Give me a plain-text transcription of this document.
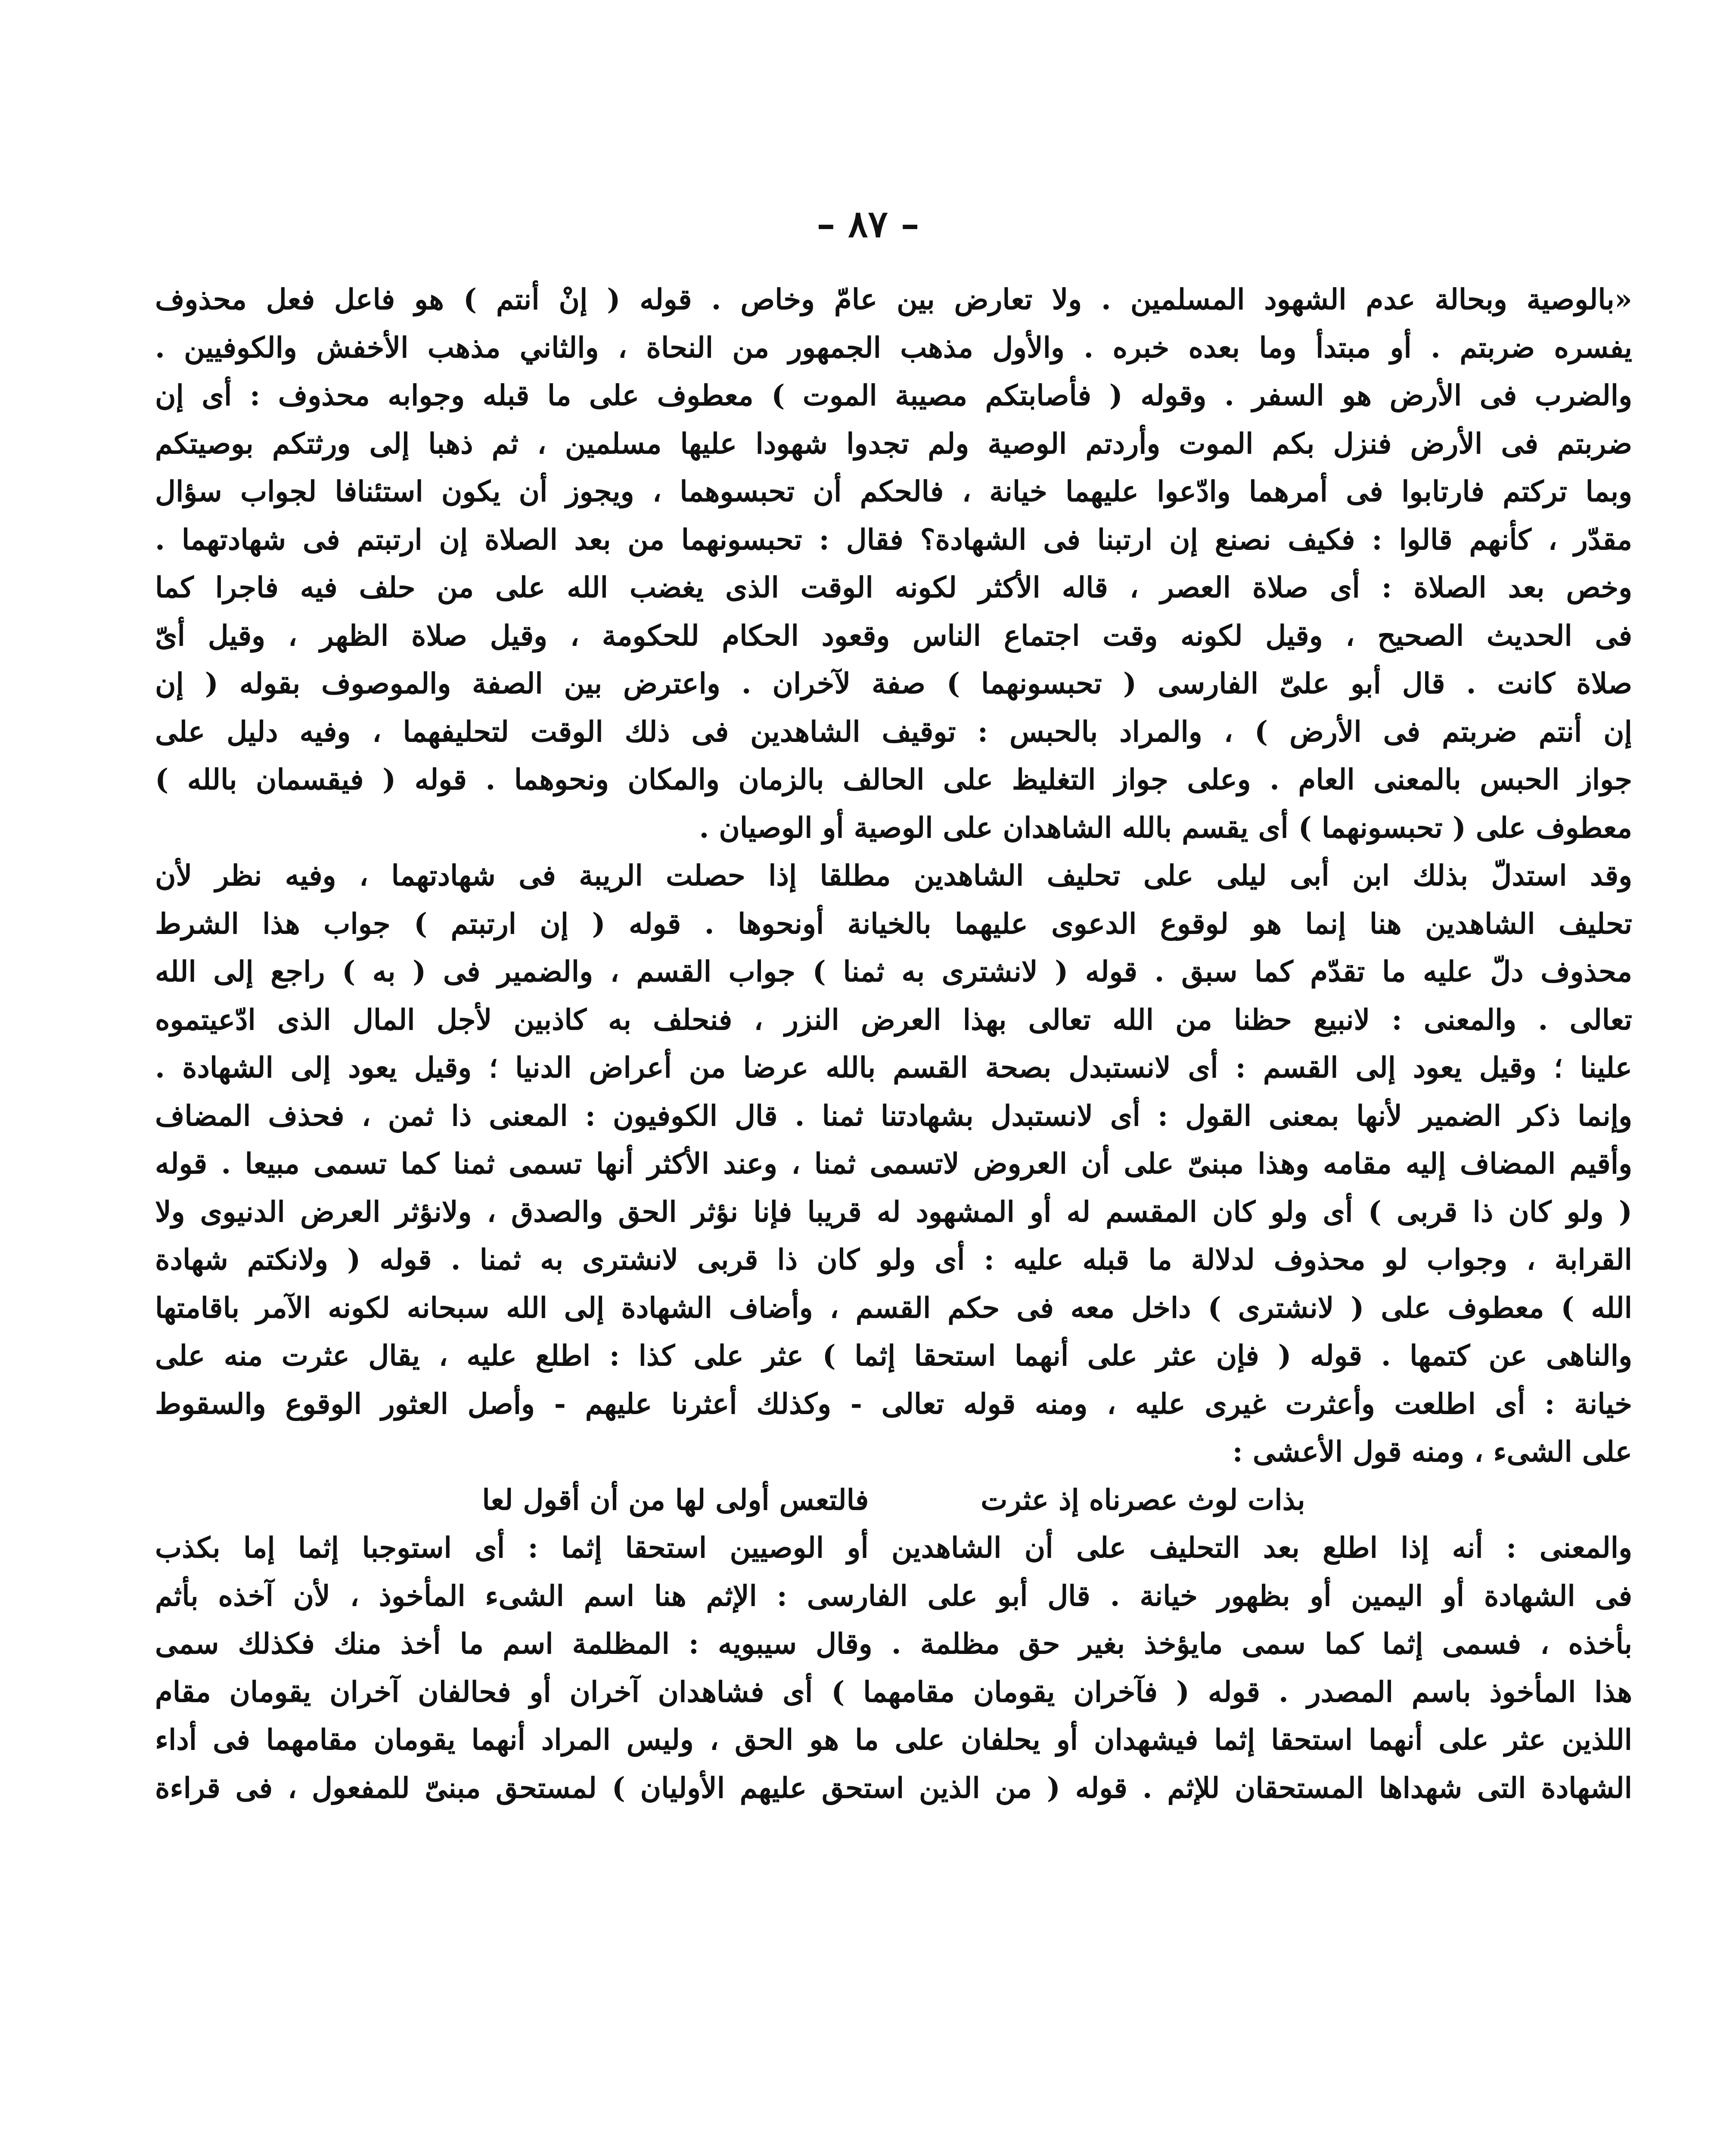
– ٨٧ –
«بالوصية وبحالة عدم الشهود المسلمين . ولا تعارض بين عامّ وخاص . قوله ( إنْ أنتم ) هو فاعل فعل محذوف
يفسره ضربتم . أو مبتدأ وما بعده خبره . والأول مذهب الجمهور من النحاة ، والثاني مذهب الأخفش والكوفيين .
والضرب فى الأرض هو السفر . وقوله ( فأصابتكم مصيبة الموت ) معطوف على ما قبله وجوابه محذوف : أى إن
ضربتم فى الأرض فنزل بكم الموت وأردتم الوصية ولم تجدوا شهودا عليها مسلمين ، ثم ذهبا إلى ورثتكم بوصيتكم
وبما تركتم فارتابوا فى أمرهما وادّعوا عليهما خيانة ، فالحكم أن تحبسوهما ، ويجوز أن يكون استئنافا لجواب سؤال
مقدّر ، كأنهم قالوا : فكيف نصنع إن ارتبنا فى الشهادة؟ فقال : تحبسونهما من بعد الصلاة إن ارتبتم فى شهادتهما .
وخص بعد الصلاة : أى صلاة العصر ، قاله الأكثر لكونه الوقت الذى يغضب الله على من حلف فيه فاجرا كما
فى الحديث الصحيح ، وقيل لكونه وقت اجتماع الناس وقعود الحكام للحكومة ، وقيل صلاة الظهر ، وقيل أىّ
صلاة كانت . قال أبو علىّ الفارسى ( تحبسونهما ) صفة لآخران . واعترض بين الصفة والموصوف بقوله ( إن
إن أنتم ضربتم فى الأرض ) ، والمراد بالحبس : توقيف الشاهدين فى ذلك الوقت لتحليفهما ، وفيه دليل على
جواز الحبس بالمعنى العام . وعلى جواز التغليظ على الحالف بالزمان والمكان ونحوهما . قوله ( فيقسمان بالله )
معطوف على ( تحبسونهما ) أى يقسم بالله الشاهدان على الوصية أو الوصيان .
وقد استدلّ بذلك ابن أبى ليلى على تحليف الشاهدين مطلقا إذا حصلت الريبة فى شهادتهما ، وفيه نظر لأن
تحليف الشاهدين هنا إنما هو لوقوع الدعوى عليهما بالخيانة أونحوها . قوله ( إن ارتبتم ) جواب هذا الشرط
محذوف دلّ عليه ما تقدّم كما سبق . قوله ( لانشترى به ثمنا ) جواب القسم ، والضمير فى ( به ) راجع إلى الله
تعالى . والمعنى : لانبيع حظنا من الله تعالى بهذا العرض النزر ، فنحلف به كاذبين لأجل المال الذى ادّعيتموه
علينا ؛ وقيل يعود إلى القسم : أى لانستبدل بصحة القسم بالله عرضا من أعراض الدنيا ؛ وقيل يعود إلى الشهادة .
وإنما ذكر الضمير لأنها بمعنى القول : أى لانستبدل بشهادتنا ثمنا . قال الكوفيون : المعنى ذا ثمن ، فحذف المضاف
وأقيم المضاف إليه مقامه وهذا مبنىّ على أن العروض لاتسمى ثمنا ، وعند الأكثر أنها تسمى ثمنا كما تسمى مبيعا . قوله
( ولو كان ذا قربى ) أى ولو كان المقسم له أو المشهود له قريبا فإنا نؤثر الحق والصدق ، ولانؤثر العرض الدنيوى ولا
القرابة ، وجواب لو محذوف لدلالة ما قبله عليه : أى ولو كان ذا قربى لانشترى به ثمنا . قوله ( ولانكتم شهادة
الله ) معطوف على ( لانشترى ) داخل معه فى حكم القسم ، وأضاف الشهادة إلى الله سبحانه لكونه الآمر باقامتها
والناهى عن كتمها . قوله ( فإن عثر على أنهما استحقا إثما ) عثر على كذا : اطلع عليه ، يقال عثرت منه على
خيانة : أى اطلعت وأعثرت غيرى عليه ، ومنه قوله تعالى - وكذلك أعثرنا عليهم - وأصل العثور الوقوع والسقوط
على الشىء ، ومنه قول الأعشى :
بذات لوث عصرناه إذ عثرت
فالتعس أولى لها من أن أقول لعا
والمعنى : أنه إذا اطلع بعد التحليف على أن الشاهدين أو الوصيين استحقا إثما : أى استوجبا إثما إما بكذب
فى الشهادة أو اليمين أو بظهور خيانة . قال أبو على الفارسى : الإثم هنا اسم الشىء المأخوذ ، لأن آخذه بأثم
بأخذه ، فسمى إثما كما سمى مايؤخذ بغير حق مظلمة . وقال سيبويه : المظلمة اسم ما أخذ منك فكذلك سمى
هذا المأخوذ باسم المصدر . قوله ( فآخران يقومان مقامهما ) أى فشاهدان آخران أو فحالفان آخران يقومان مقام
اللذين عثر على أنهما استحقا إثما فيشهدان أو يحلفان على ما هو الحق ، وليس المراد أنهما يقومان مقامهما فى أداء
الشهادة التى شهداها المستحقان للإثم . قوله ( من الذين استحق عليهم الأوليان ) لمستحق مبنىّ للمفعول ، فى قراءة
